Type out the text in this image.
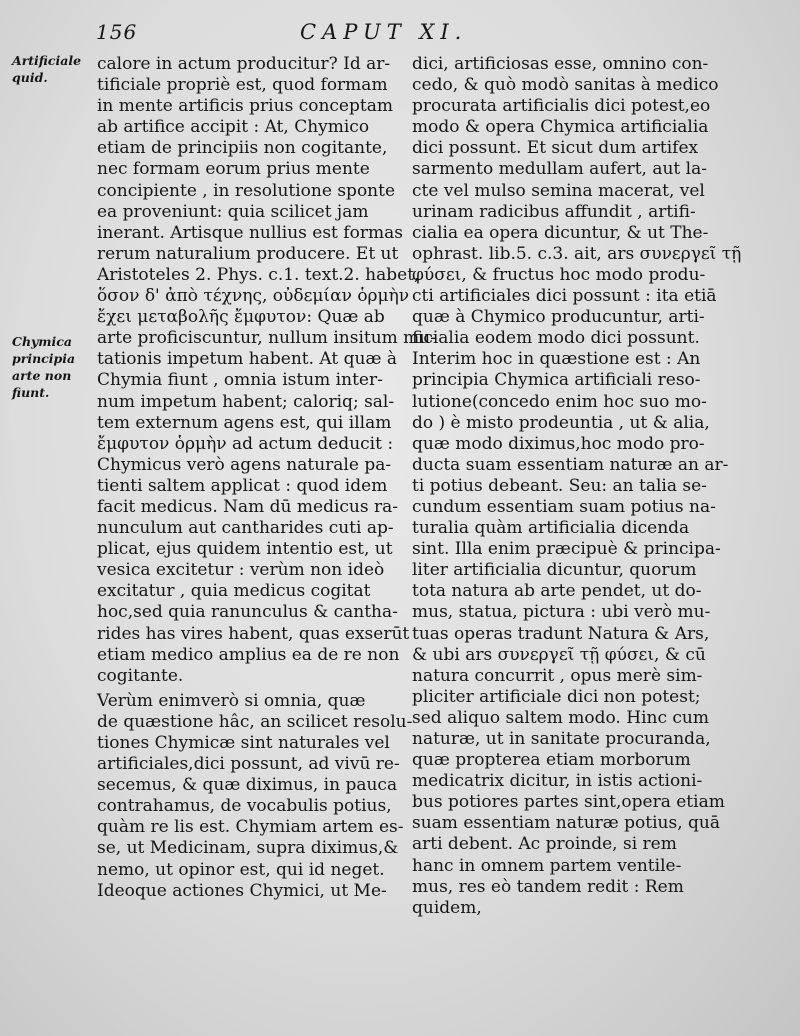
156	CAPUT XI.
Artificiale
quid.
Chymica
principia
arte non
fiunt.
calore in actum producitur? Id ar-
tificiale propriè est, quod formam
in mente artificis prius conceptam
ab artifice accipit : At, Chymico
etiam de principiis non cogitante,
nec formam eorum prius mente
concipiente , in resolutione sponte
ea proveniunt: quia scilicet jam
inerant. Artisque nullius est formas
rerum naturalium producere. Et ut
Aristoteles 2. Phys. c.1. text.2. habet,
ὅσον δ' ἀπὸ τέχνης, οὐδεμίαν ὁρμὴν
ἔχει μεταβολῆς ἔμφυτον: Quæ ab
arte proficiscuntur, nullum insitum mu-
tationis impetum habent. At quæ à
Chymia fiunt , omnia istum inter-
num impetum habent; caloriq; sal-
tem externum agens est, qui illam
ἔμφυτον ὁρμὴν ad actum deducit :
Chymicus verò agens naturale pa-
tienti saltem applicat : quod idem
facit medicus. Nam dū medicus ra-
nunculum aut cantharides cuti ap-
plicat, ejus quidem intentio est, ut
vesica excitetur : verùm non ideò
excitatur , quia medicus cogitat
hoc,sed quia ranunculus & cantha-
rides has vires habent, quas exserūt
etiam medico amplius ea de re non
cogitante.
Verùm enimverò si omnia, quæ
de quæstione hâc, an scilicet resolu-
tiones Chymicæ sint naturales vel
artificiales,dici possunt, ad vivū re-
secemus, & quæ diximus, in pauca
contrahamus, de vocabulis potius,
quàm re lis est. Chymiam artem es-
se, ut Medicinam, supra diximus,&
nemo, ut opinor est, qui id neget.
Ideoque actiones Chymici, ut Me-
dici, artificiosas esse, omnino con-
cedo, & quò modò sanitas à medico
procurata artificialis dici potest,eo
modo & opera Chymica artificialia
dici possunt. Et sicut dum artifex
sarmento medullam aufert, aut la-
cte vel mulso semina macerat, vel
urinam radicibus affundit , artifi-
cialia ea opera dicuntur, & ut The-
ophrast. lib.5. c.3. ait, ars συνεργεῖ τῇ
φύσει, & fructus hoc modo produ-
cti artificiales dici possunt : ita etiā
quæ à Chymico producuntur, arti-
ficialia eodem modo dici possunt.
Interim hoc in quæstione est : An
principia Chymica artificiali reso-
lutione(concedo enim hoc suo mo-
do ) è misto prodeuntia , ut & alia,
quæ modo diximus,hoc modo pro-
ducta suam essentiam naturæ an ar-
ti potius debeant. Seu: an talia se-
cundum essentiam suam potius na-
turalia quàm artificialia dicenda
sint. Illa enim præcipuè & principa-
liter artificialia dicuntur, quorum
tota natura ab arte pendet, ut do-
mus, statua, pictura : ubi verò mu-
tuas operas tradunt Natura & Ars,
& ubi ars συνεργεῖ τῇ φύσει, & cū
natura concurrit , opus merè sim-
pliciter artificiale dici non potest;
sed aliquo saltem modo. Hinc cum
naturæ, ut in sanitate procuranda,
quæ propterea etiam morborum
medicatrix dicitur, in istis actioni-
bus potiores partes sint,opera etiam
suam essentiam naturæ potius, quā
arti debent. Ac proinde, si rem
hanc in omnem partem ventile-
mus, res eò tandem redit : Rem
quidem,
